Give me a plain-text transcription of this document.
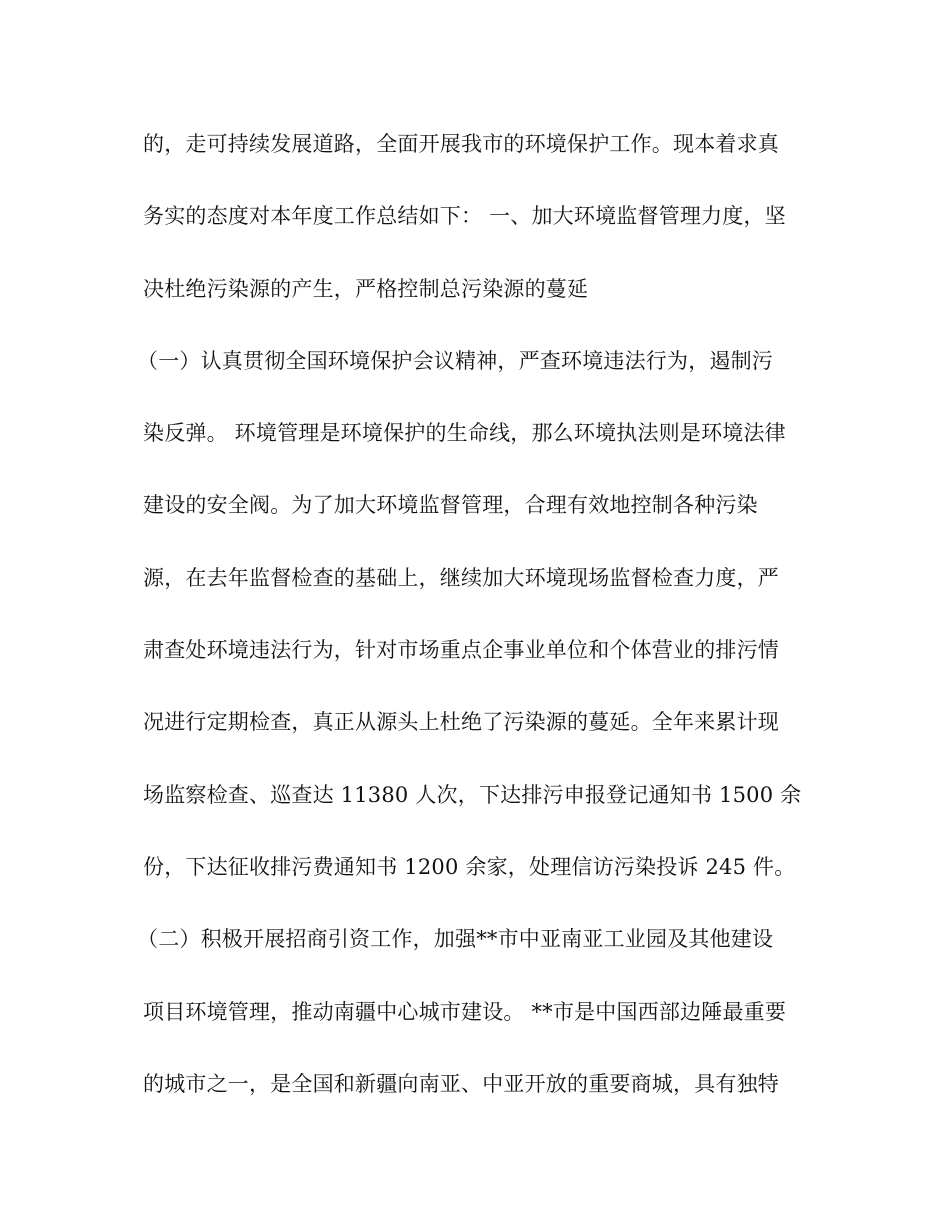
的，走可持续发展道路，全面开展我市的环境保护工作。现本着求真
务实的态度对本年度工作总结如下： 一、加大环境监督管理力度，坚
决杜绝污染源的产生，严格控制总污染源的蔓延
（一）认真贯彻全国环境保护会议精神，严查环境违法行为，遏制污
染反弹。 环境管理是环境保护的生命线，那么环境执法则是环境法律
建设的安全阀。为了加大环境监督管理，合理有效地控制各种污染
源，在去年监督检查的基础上，继续加大环境现场监督检查力度，严
肃查处环境违法行为，针对市场重点企事业单位和个体营业的排污情
况进行定期检查，真正从源头上杜绝了污染源的蔓延。全年来累计现
场监察检查、巡查达 11380 人次，下达排污申报登记通知书 1500 余
份，下达征收排污费通知书 1200 余家，处理信访污染投诉 245 件。
（二）积极开展招商引资工作，加强**市中亚南亚工业园及其他建设
项目环境管理，推动南疆中心城市建设。 **市是中国西部边陲最重要
的城市之一，是全国和新疆向南亚、中亚开放的重要商城，具有独特
